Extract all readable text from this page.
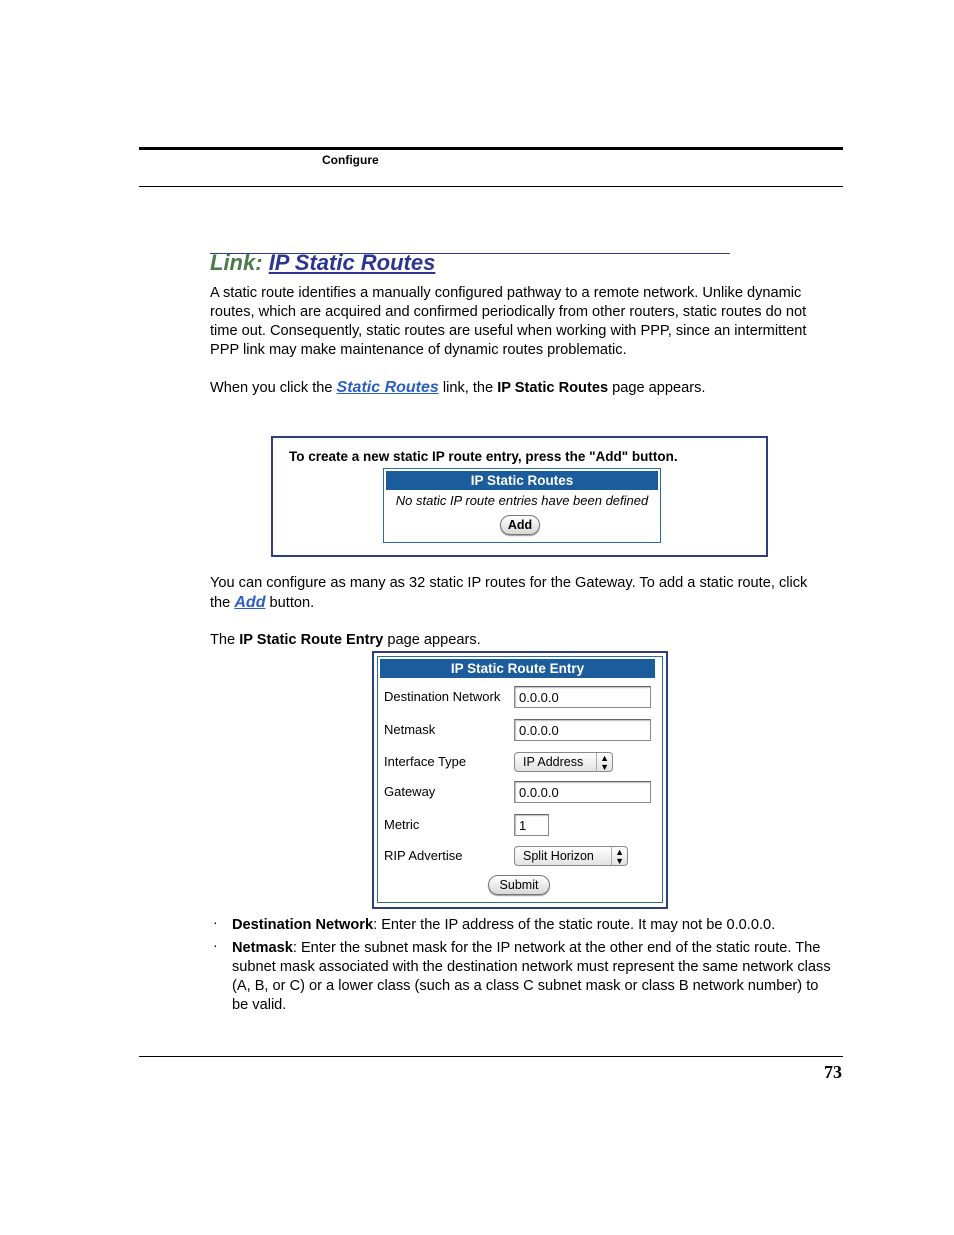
Configure
Link: IP Static Routes
A static route identifies a manually configured pathway to a remote network. Unlike dynamic routes, which are acquired and confirmed periodically from other routers, static routes do not time out. Consequently, static routes are useful when working with PPP, since an intermittent PPP link may make maintenance of dynamic routes problematic.
When you click the Static Routes link, the IP Static Routes page appears.
To create a new static IP route entry, press the "Add" button.
IP Static Routes
No static IP route entries have been defined
Add
You can configure as many as 32 static IP routes for the Gateway. To add a static route, click the Add button.
The IP Static Route Entry page appears.
IP Static Route Entry
Destination Network	0.0.0.0
Netmask	0.0.0.0
Interface Type	IP Address	▲
▼
Gateway	0.0.0.0
Metric	1
RIP Advertise	Split Horizon	▲
▼
Submit
· Destination Network: Enter the IP address of the static route. It may not be 0.0.0.0.
· Netmask: Enter the subnet mask for the IP network at the other end of the static route. The subnet mask associated with the destination network must represent the same network class (A, B, or C) or a lower class (such as a class C subnet mask or class B network number) to be valid.
73
